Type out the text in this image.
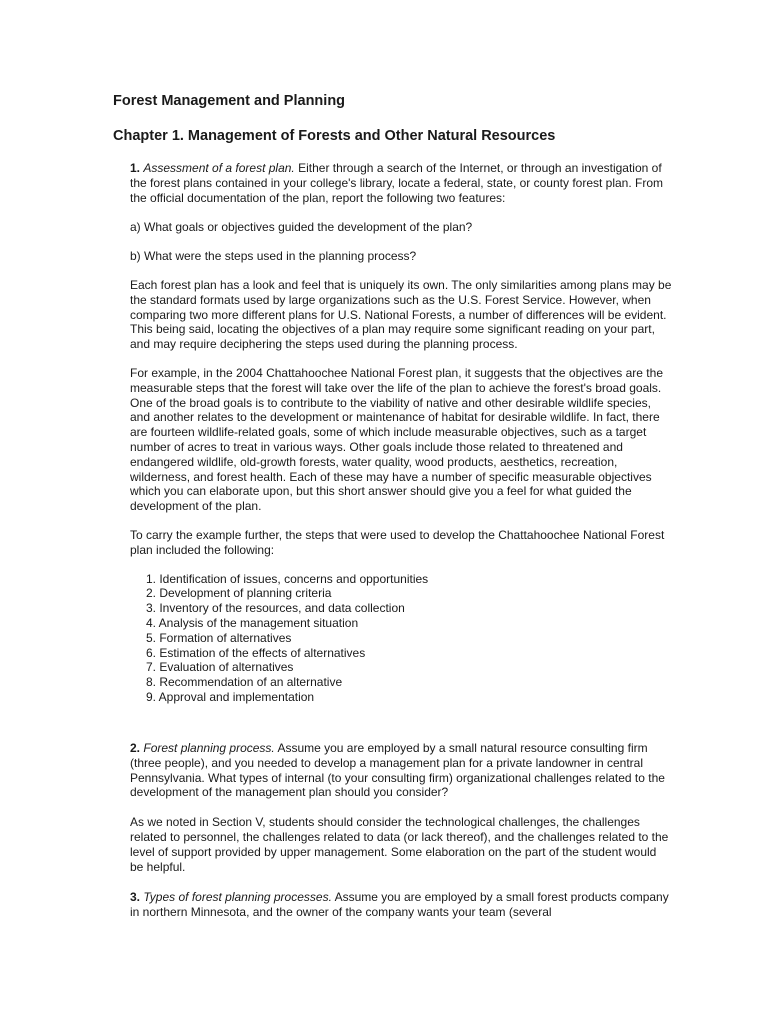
Forest Management and Planning
Chapter 1. Management of Forests and Other Natural Resources

1. Assessment of a forest plan. Either through a search of the Internet, or through an investigation of the forest plans contained in your college's library, locate a federal, state, or county forest plan. From the official documentation of the plan, report the following two features:

a) What goals or objectives guided the development of the plan?

b) What were the steps used in the planning process?

Each forest plan has a look and feel that is uniquely its own. The only similarities among plans may be the standard formats used by large organizations such as the U.S. Forest Service. However, when comparing two more different plans for U.S. National Forests, a number of differences will be evident. This being said, locating the objectives of a plan may require some significant reading on your part, and may require deciphering the steps used during the planning process.

For example, in the 2004 Chattahoochee National Forest plan, it suggests that the objectives are the measurable steps that the forest will take over the life of the plan to achieve the forest's broad goals. One of the broad goals is to contribute to the viability of native and other desirable wildlife species, and another relates to the development or maintenance of habitat for desirable wildlife. In fact, there are fourteen wildlife-related goals, some of which include measurable objectives, such as a target number of acres to treat in various ways. Other goals include those related to threatened and endangered wildlife, old-growth forests, water quality, wood products, aesthetics, recreation, wilderness, and forest health. Each of these may have a number of specific measurable objectives which you can elaborate upon, but this short answer should give you a feel for what guided the development of the plan.

To carry the example further, the steps that were used to develop the Chattahoochee National Forest plan included the following:

1. Identification of issues, concerns and opportunities
2. Development of planning criteria
3. Inventory of the resources, and data collection
4. Analysis of the management situation
5. Formation of alternatives
6. Estimation of the effects of alternatives
7. Evaluation of alternatives
8. Recommendation of an alternative
9. Approval and implementation

2. Forest planning process. Assume you are employed by a small natural resource consulting firm (three people), and you needed to develop a management plan for a private landowner in central Pennsylvania. What types of internal (to your consulting firm) organizational challenges related to the development of the management plan should you consider?

As we noted in Section V, students should consider the technological challenges, the challenges related to personnel, the challenges related to data (or lack thereof), and the challenges related to the level of support provided by upper management. Some elaboration on the part of the student would be helpful.

3. Types of forest planning processes. Assume you are employed by a small forest products company in northern Minnesota, and the owner of the company wants your team (several
